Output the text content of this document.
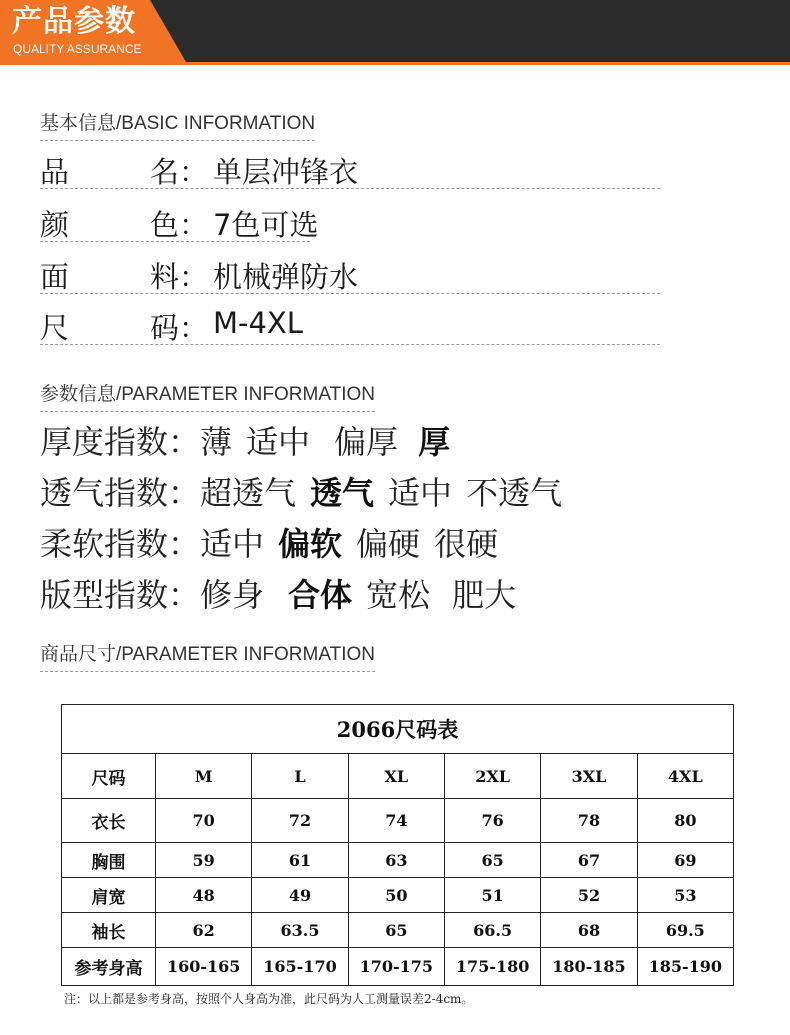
产品参数
QUALITY ASSURANCE
基本信息/BASIC INFORMATION
品	名： 单层冲锋衣
颜	色： 7色可选
面	料： 机械弹防水
尺	码： M-4XL
参数信息/PARAMETER INFORMATION
厚度指数：薄 适中 偏厚 厚
透气指数：超透气 透气 适中 不透气
柔软指数：适中 偏软 偏硬 很硬
版型指数：修身 合体 宽松 肥大
商品尺寸/PARAMETER INFORMATION
2066尺码表						
尺码	M	L	XL	2XL	3XL	4XL
衣长	70	72	74	76	78	80
胸围	59	61	63	65	67	69
肩宽	48	49	50	51	52	53
袖长	62	63.5	65	66.5	68	69.5
参考身高	160-165	165-170	170-175	175-180	180-185	185-190
注：以上都是参考身高，按照个人身高为准，此尺码为人工测量误差2-4cm。
